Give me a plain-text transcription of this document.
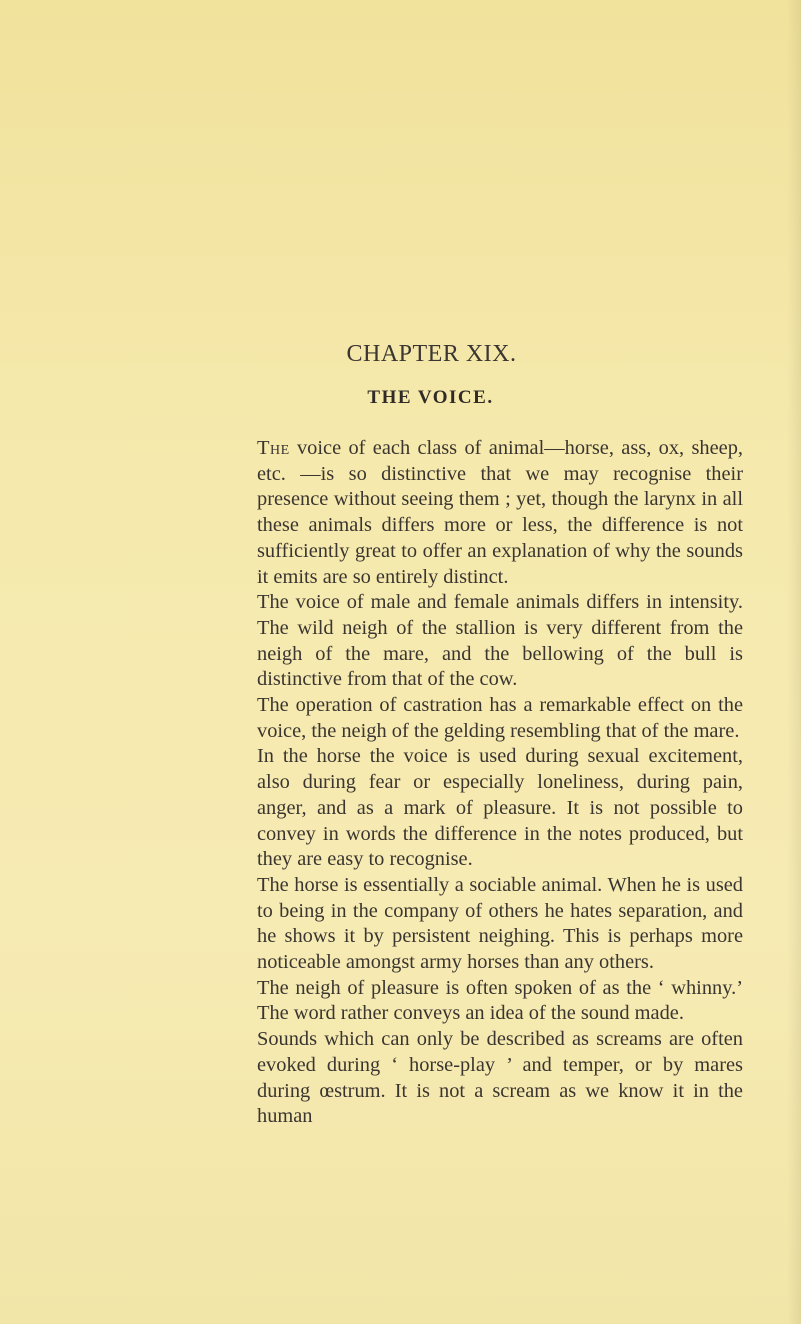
CHAPTER XIX.
THE VOICE.

The voice of each class of animal—horse, ass, ox, sheep, etc. —is so distinctive that we may recognise their presence without seeing them ; yet, though the larynx in all these animals differs more or less, the difference is not sufficiently great to offer an explanation of why the sounds it emits are so entirely distinct.

The voice of male and female animals differs in intensity. The wild neigh of the stallion is very different from the neigh of the mare, and the bellowing of the bull is distinctive from that of the cow.

The operation of castration has a remarkable effect on the voice, the neigh of the gelding resembling that of the mare.

In the horse the voice is used during sexual excitement, also during fear or especially loneliness, during pain, anger, and as a mark of pleasure. It is not possible to convey in words the difference in the notes produced, but they are easy to recognise.

The horse is essentially a sociable animal. When he is used to being in the company of others he hates separation, and he shows it by persistent neighing. This is perhaps more noticeable amongst army horses than any others.

The neigh of pleasure is often spoken of as the ‘ whinny.’ The word rather conveys an idea of the sound made.

Sounds which can only be described as screams are often evoked during ‘ horse-play ’ and temper, or by mares during œstrum. It is not a scream as we know it in the human
